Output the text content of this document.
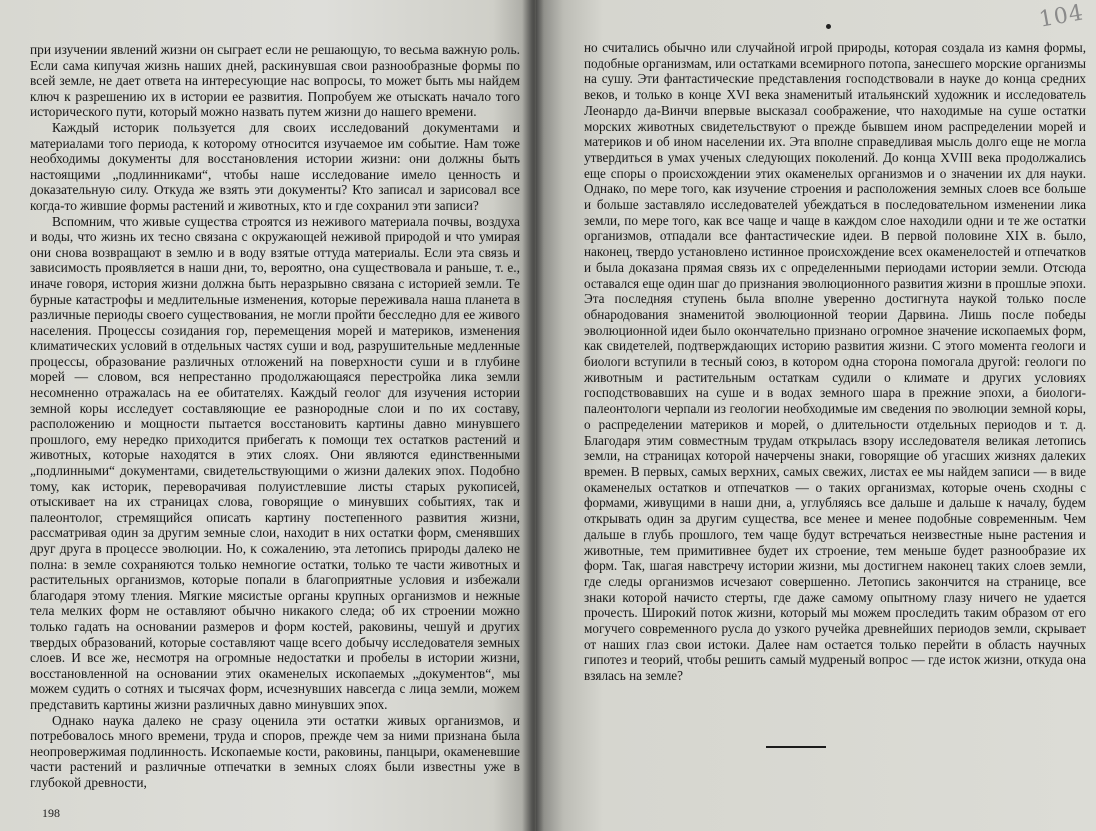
при изучении явлений жизни он сыграет если не решающую, то весьма важную роль. Если сама кипучая жизнь наших дней, раскинувшая свои разнообразные формы по всей земле, не дает ответа на интересующие нас вопросы, то может быть мы найдем ключ к разрешению их в истории ее развития. Попробуем же отыскать начало того исторического пути, который можно назвать путем жизни до нашего времени.

Каждый историк пользуется для своих исследований документами и материалами того периода, к которому относится изучаемое им событие. Нам тоже необходимы документы для восстановления истории жизни: они должны быть настоящими „подлинниками“, чтобы наше исследование имело ценность и доказательную силу. Откуда же взять эти документы? Кто записал и зарисовал все когда-то жившие формы растений и животных, кто и где сохранил эти записи?

Вспомним, что живые существа строятся из неживого материала почвы, воздуха и воды, что жизнь их тесно связана с окружающей неживой природой и что умирая они снова возвращают в землю и в воду взятые оттуда материалы. Если эта связь и зависимость проявляется в наши дни, то, вероятно, она существовала и раньше, т. е., иначе говоря, история жизни должна быть неразрывно связана с историей земли. Те бурные катастрофы и медлительные изменения, которые переживала наша планета в различные периоды своего существования, не могли пройти бесследно для ее живого населения. Процессы созидания гор, перемещения морей и материков, изменения климатических условий в отдельных частях суши и вод, разрушительные медленные процессы, образование различных отложений на поверхности суши и в глубине морей — словом, вся непрестанно продолжающаяся перестройка лика земли несомненно отражалась на ее обитателях. Каждый геолог для изучения истории земной коры исследует составляющие ее разнородные слои и по их составу, расположению и мощности пытается восстановить картины давно минувшего прошлого, ему нередко приходится прибегать к помощи тех остатков растений и животных, которые находятся в этих слоях. Они являются единственными „подлинными“ документами, свидетельствующими о жизни далеких эпох. Подобно тому, как историк, переворачивая полуистлевшие листы старых рукописей, отыскивает на их страницах слова, говорящие о минувших событиях, так и палеонтолог, стремящийся описать картину постепенного развития жизни, рассматривая один за другим земные слои, находит в них остатки форм, сменявших друг друга в процессе эволюции. Но, к сожалению, эта летопись природы далеко не полна: в земле сохраняются только немногие остатки, только те части животных и растительных организмов, которые попали в благоприятные условия и избежали благодаря этому тления. Мягкие мясистые органы крупных организмов и нежные тела мелких форм не оставляют обычно никакого следа; об их строении можно только гадать на основании размеров и форм костей, раковины, чешуй и других твердых образований, которые составляют чаще всего добычу исследователя земных слоев. И все же, несмотря на огромные недостатки и пробелы в истории жизни, восстановленной на основании этих окаменелых ископаемых „документов“, мы можем судить о сотнях и тысячах форм, исчезнувших навсегда с лица земли, можем представить картины жизни различных давно минувших эпох.

Однако наука далеко не сразу оценила эти остатки живых организмов, и потребовалось много времени, труда и споров, прежде чем за ними признана была неопровержимая подлинность. Ископаемые кости, раковины, панцыри, окаменевшие части растений и различные отпечатки в земных слоях были известны уже в глубокой древности,

198
104

но считались обычно или случайной игрой природы, которая создала из камня формы, подобные организмам, или остатками всемирного потопа, занесшего морские организмы на сушу. Эти фантастические представления господствовали в науке до конца средних веков, и только в конце XVI века знаменитый итальянский художник и исследователь Леонардо да-Винчи впервые высказал соображение, что находимые на суше остатки морских животных свидетельствуют о прежде бывшем ином распределении морей и материков и об ином населении их. Эта вполне справедливая мысль долго еще не могла утвердиться в умах ученых следующих поколений. До конца XVIII века продолжались еще споры о происхождении этих окаменелых организмов и о значении их для науки. Однако, по мере того, как изучение строения и расположения земных слоев все больше и больше заставляло исследователей убеждаться в последовательном изменении лика земли, по мере того, как все чаще и чаще в каждом слое находили одни и те же остатки организмов, отпадали все фантастические идеи. В первой половине XIX в. было, наконец, твердо установлено истинное происхождение всех окаменелостей и отпечатков и была доказана прямая связь их с определенными периодами истории земли. Отсюда оставался еще один шаг до признания эволюционного развития жизни в прошлые эпохи. Эта последняя ступень была вполне уверенно достигнута наукой только после обнародования знаменитой эволюционной теории Дарвина. Лишь после победы эволюционной идеи было окончательно признано огромное значение ископаемых форм, как свидетелей, подтверждающих историю развития жизни. С этого момента геологи и биологи вступили в тесный союз, в котором одна сторона помогала другой: геологи по животным и растительным остаткам судили о климате и других условиях господствовавших на суше и в водах земного шара в прежние эпохи, а биологи-палеонтологи черпали из геологии необходимые им сведения по эволюции земной коры, о распределении материков и морей, о длительности отдельных периодов и т. д. Благодаря этим совместным трудам открылась взору исследователя великая летопись земли, на страницах которой начерчены знаки, говорящие об угасших жизнях далеких времен. В первых, самых верхних, самых свежих, листах ее мы найдем записи — в виде окаменелых остатков и отпечатков — о таких организмах, которые очень сходны с формами, живущими в наши дни, а, углубляясь все дальше и дальше к началу, будем открывать один за другим существа, все менее и менее подобные современным. Чем дальше в глубь прошлого, тем чаще будут встречаться неизвестные ныне растения и животные, тем примитивнее будет их строение, тем меньше будет разнообразие их форм. Так, шагая навстречу истории жизни, мы достигнем наконец таких слоев земли, где следы организмов исчезают совершенно. Летопись закончится на странице, все знаки которой начисто стерты, где даже самому опытному глазу ничего не удается прочесть. Широкий поток жизни, который мы можем проследить таким образом от его могучего современного русла до узкого ручейка древнейших периодов земли, скрывает от наших глаз свои истоки. Далее нам остается только перейти в область научных гипотез и теорий, чтобы решить самый мудреный вопрос — где исток жизни, откуда она взялась на земле?
